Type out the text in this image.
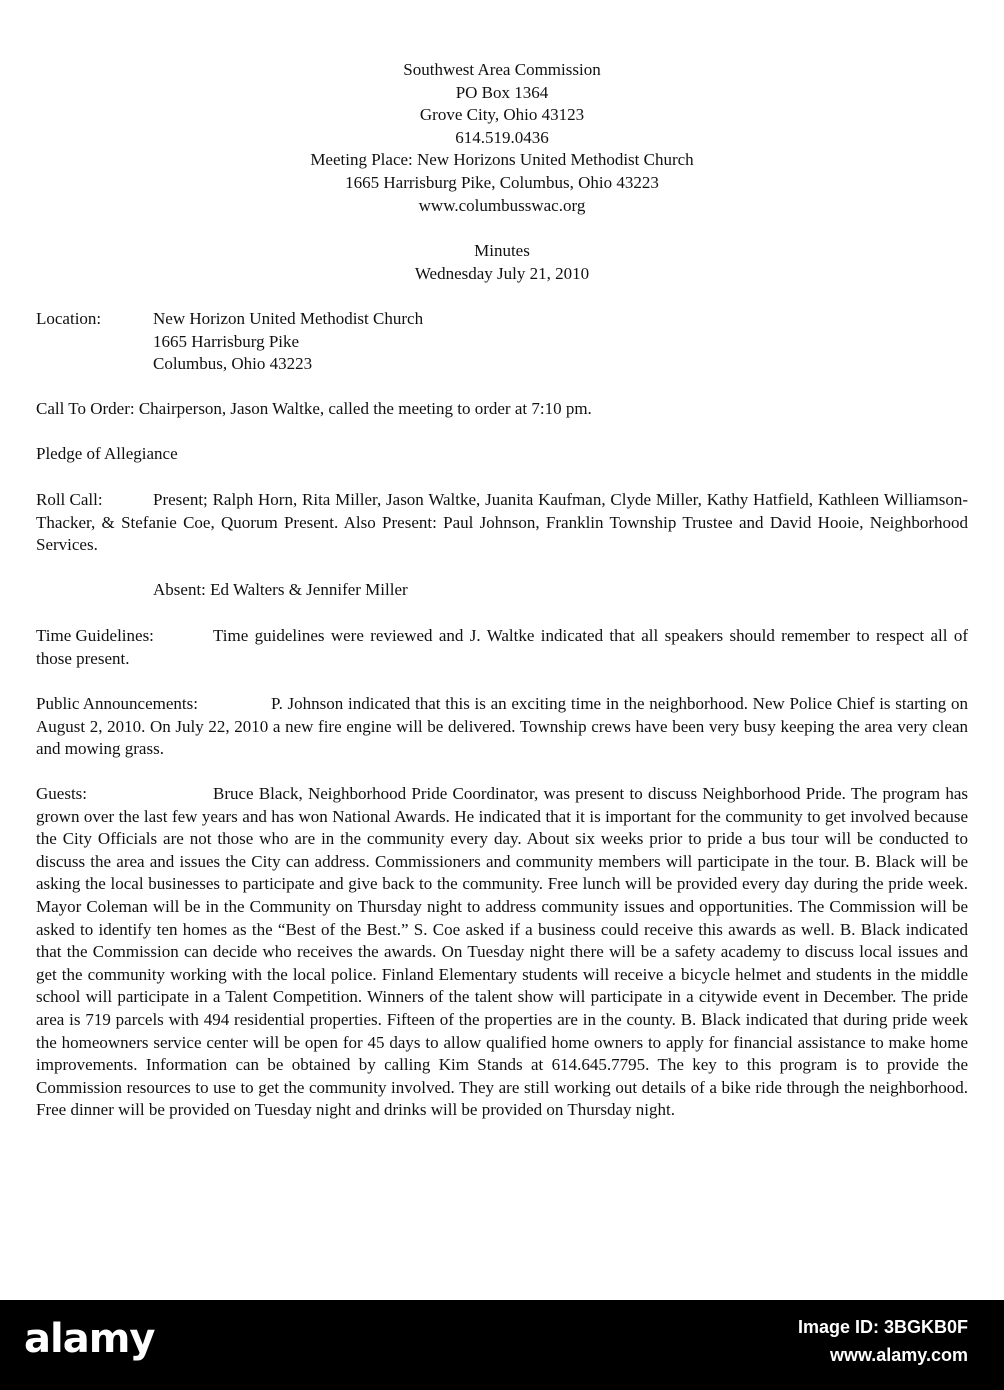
Southwest Area Commission
PO Box 1364
Grove City, Ohio 43123
614.519.0436
Meeting Place: New Horizons United Methodist Church
1665 Harrisburg Pike, Columbus, Ohio 43223
www.columbusswac.org
Minutes
Wednesday July 21, 2010
Location:	New Horizon United Methodist Church
1665 Harrisburg Pike
Columbus, Ohio 43223
Call To Order: Chairperson, Jason Waltke, called the meeting to order at 7:10 pm.
Pledge of Allegiance
Roll Call:	Present; Ralph Horn, Rita Miller, Jason Waltke, Juanita Kaufman, Clyde Miller, Kathy Hatfield, Kathleen Williamson-Thacker, & Stefanie Coe, Quorum Present. Also Present: Paul Johnson, Franklin Township Trustee and David Hooie, Neighborhood Services.
Absent: Ed Walters & Jennifer Miller
Time Guidelines:	Time guidelines were reviewed and J. Waltke indicated that all speakers should remember to respect all of those present.
Public Announcements:	P. Johnson indicated that this is an exciting time in the neighborhood. New Police Chief is starting on August 2, 2010. On July 22, 2010 a new fire engine will be delivered. Township crews have been very busy keeping the area very clean and mowing grass.
Guests:	Bruce Black, Neighborhood Pride Coordinator, was present to discuss Neighborhood Pride. The program has grown over the last few years and has won National Awards. He indicated that it is important for the community to get involved because the City Officials are not those who are in the community every day. About six weeks prior to pride a bus tour will be conducted to discuss the area and issues the City can address. Commissioners and community members will participate in the tour. B. Black will be asking the local businesses to participate and give back to the community. Free lunch will be provided every day during the pride week. Mayor Coleman will be in the Community on Thursday night to address community issues and opportunities. The Commission will be asked to identify ten homes as the “Best of the Best.” S. Coe asked if a business could receive this awards as well. B. Black indicated that the Commission can decide who receives the awards. On Tuesday night there will be a safety academy to discuss local issues and get the community working with the local police. Finland Elementary students will receive a bicycle helmet and students in the middle school will participate in a Talent Competition. Winners of the talent show will participate in a citywide event in December. The pride area is 719 parcels with 494 residential properties. Fifteen of the properties are in the county. B. Black indicated that during pride week the homeowners service center will be open for 45 days to allow qualified home owners to apply for financial assistance to make home improvements. Information can be obtained by calling Kim Stands at 614.645.7795. The key to this program is to provide the Commission resources to use to get the community involved. They are still working out details of a bike ride through the neighborhood. Free dinner will be provided on Tuesday night and drinks will be provided on Thursday night.
alamy	Image ID: 3BGKB0F
www.alamy.com
